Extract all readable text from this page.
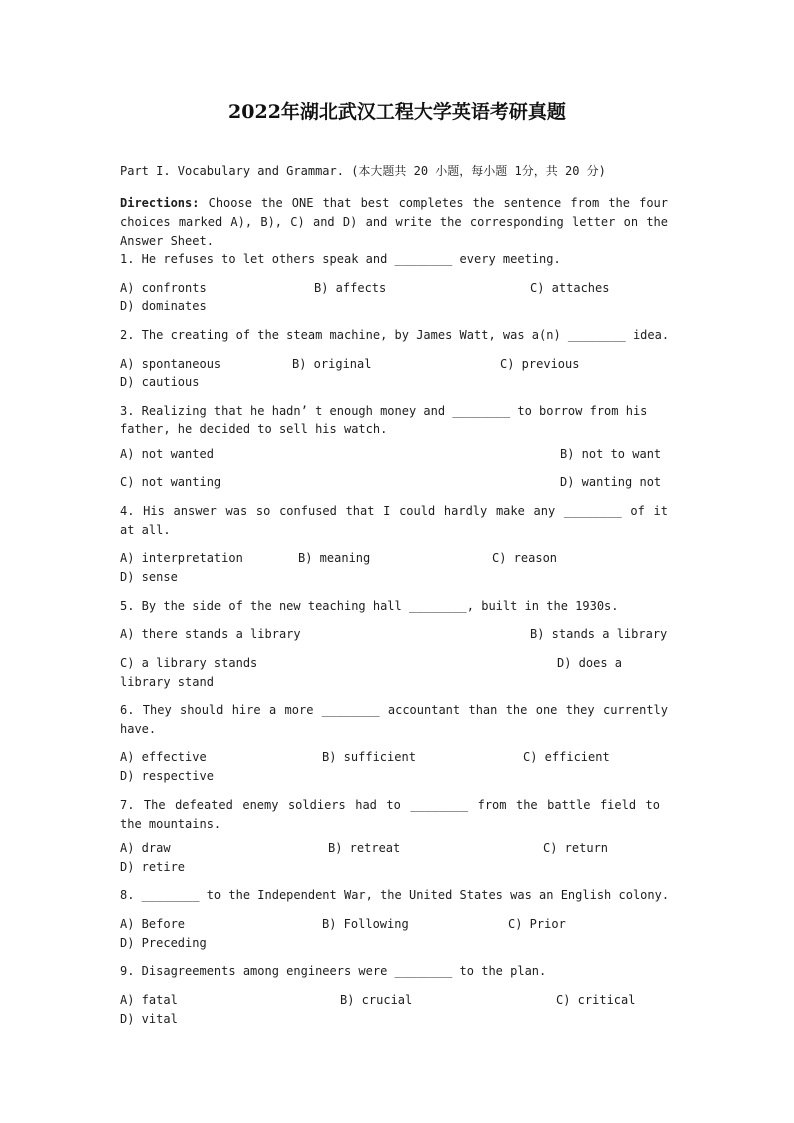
2022年湖北武汉工程大学英语考研真题
Part I. Vocabulary and Grammar. (本大题共 20 小题，每小题 1分，共 20 分)
Directions: Choose the ONE that best completes the sentence from the four choices marked A), B), C) and D) and write the corresponding letter on the Answer Sheet.
1. He refuses to let others speak and ________ every meeting.
A) confronts	B) affects	C) attaches
D) dominates
2. The creating of the steam machine, by James Watt, was a(n) ________ idea.
A) spontaneous	B) original	C) previous
D) cautious
3. Realizing that he hadn’ t enough money and ________ to borrow from his
father, he decided to sell his watch.
A) not wanted	B) not to want
C) not wanting	D) wanting not
4. His answer was so confused that I could hardly make any ________ of it at all.
A) interpretation	B) meaning	C) reason
D) sense
5. By the side of the new teaching hall ________, built in the 1930s.
A) there stands a library	B) stands a library
C) a library stands	D) does a
library stand
6. They should hire a more ________ accountant than the one they currently have.
A) effective	B) sufficient	C) efficient
D) respective
7. The defeated enemy soldiers had to ________ from the battle field to the mountains.
A) draw	B) retreat	C) return
D) retire
8. ________ to the Independent War, the United States was an English colony.
A) Before	B) Following	C) Prior
D) Preceding
9. Disagreements among engineers were ________ to the plan.
A) fatal	B) crucial	C) critical
D) vital
